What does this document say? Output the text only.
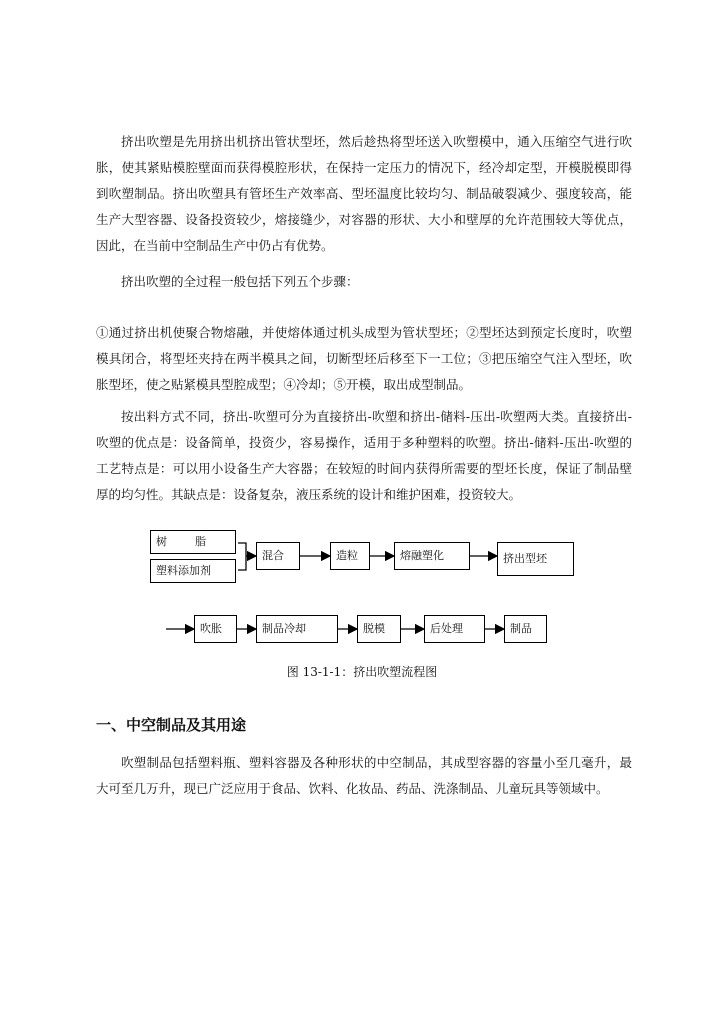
挤出吹塑是先用挤出机挤出管状型坯，然后趁热将型坯送入吹塑模中，通入压缩空气进行吹胀，使其紧贴模腔壁面而获得模腔形状，在保持一定压力的情况下，经冷却定型，开模脱模即得到吹塑制品。挤出吹塑具有管坯生产效率高、型坯温度比较均匀、制品破裂减少、强度较高，能生产大型容器、设备投资较少，熔接缝少，对容器的形状、大小和壁厚的允许范围较大等优点，因此，在当前中空制品生产中仍占有优势。

挤出吹塑的全过程一般包括下列五个步骤：

①通过挤出机使聚合物熔融，并使熔体通过机头成型为管状型坯；②型坯达到预定长度时，吹塑模具闭合，将型坯夹持在两半模具之间，切断型坯后移至下一工位；③把压缩空气注入型坯，吹胀型坯，使之贴紧模具型腔成型；④冷却；⑤开模，取出成型制品。

按出料方式不同，挤出-吹塑可分为直接挤出-吹塑和挤出-储料-压出-吹塑两大类。直接挤出-吹塑的优点是：设备简单，投资少，容易操作，适用于多种塑料的吹塑。挤出-储料-压出-吹塑的工艺特点是：可以用小设备生产大容器；在较短的时间内获得所需要的型坯长度，保证了制品壁厚的均匀性。其缺点是：设备复杂，液压系统的设计和维护困难，投资较大。

树　　脂
塑料添加剂
混合	造粒	熔融塑化	挤出型坯
吹胀	制品冷却	脱模	后处理	制品

图 13-1-1：挤出吹塑流程图

一、中空制品及其用途

吹塑制品包括塑料瓶、塑料容器及各种形状的中空制品，其成型容器的容量小至几毫升，最大可至几万升，现已广泛应用于食品、饮料、化妆品、药品、洗涤制品、儿童玩具等领域中。
